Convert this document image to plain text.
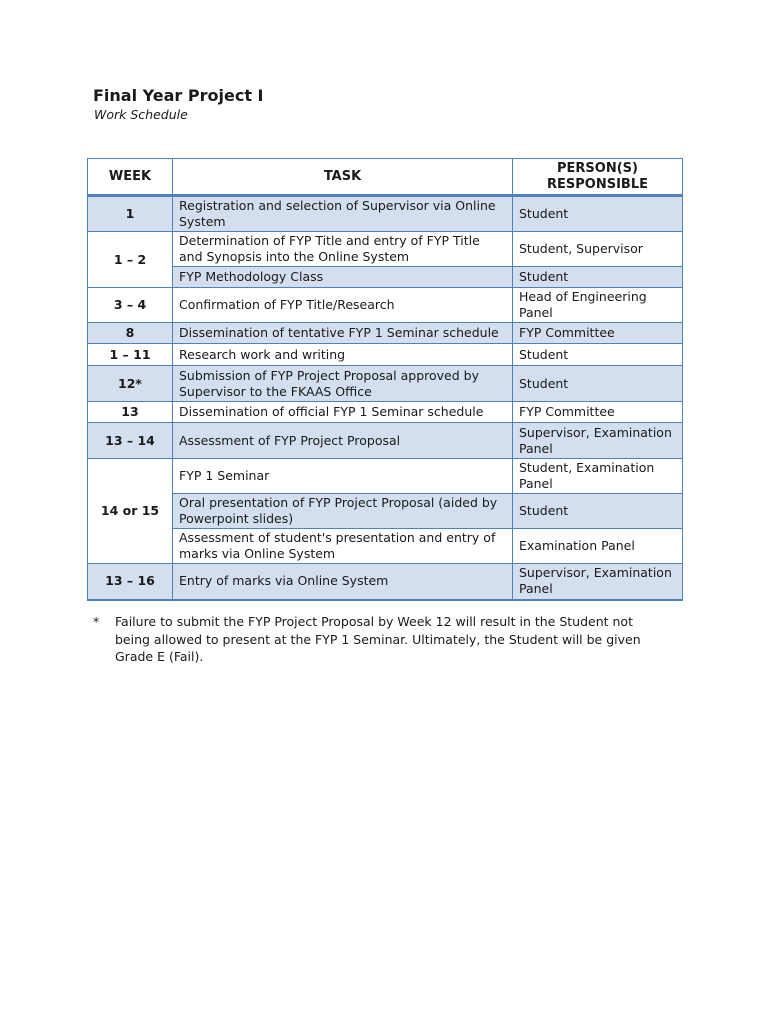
Final Year Project I
Work Schedule
WEEK	TASK	PERSON(S) RESPONSIBLE
1	Registration and selection of Supervisor via Online System	Student
1 – 2	Determination of FYP Title and entry of FYP Title and Synopsis into the Online System	Student, Supervisor
	FYP Methodology Class	Student
3 – 4	Confirmation of FYP Title/Research	Head of Engineering Panel
8	Dissemination of tentative FYP 1 Seminar schedule	FYP Committee
1 – 11	Research work and writing	Student
12*	Submission of FYP Project Proposal approved by Supervisor to the FKAAS Office	Student
13	Dissemination of official FYP 1 Seminar schedule	FYP Committee
13 – 14	Assessment of FYP Project Proposal	Supervisor, Examination Panel
14 or 15	FYP 1 Seminar	Student, Examination Panel
	Oral presentation of FYP Project Proposal (aided by Powerpoint slides)	Student
	Assessment of student's presentation and entry of marks via Online System	Examination Panel
13 – 16	Entry of marks via Online System	Supervisor, Examination Panel
*	Failure to submit the FYP Project Proposal by Week 12 will result in the Student not being allowed to present at the FYP 1 Seminar. Ultimately, the Student will be given Grade E (Fail).
